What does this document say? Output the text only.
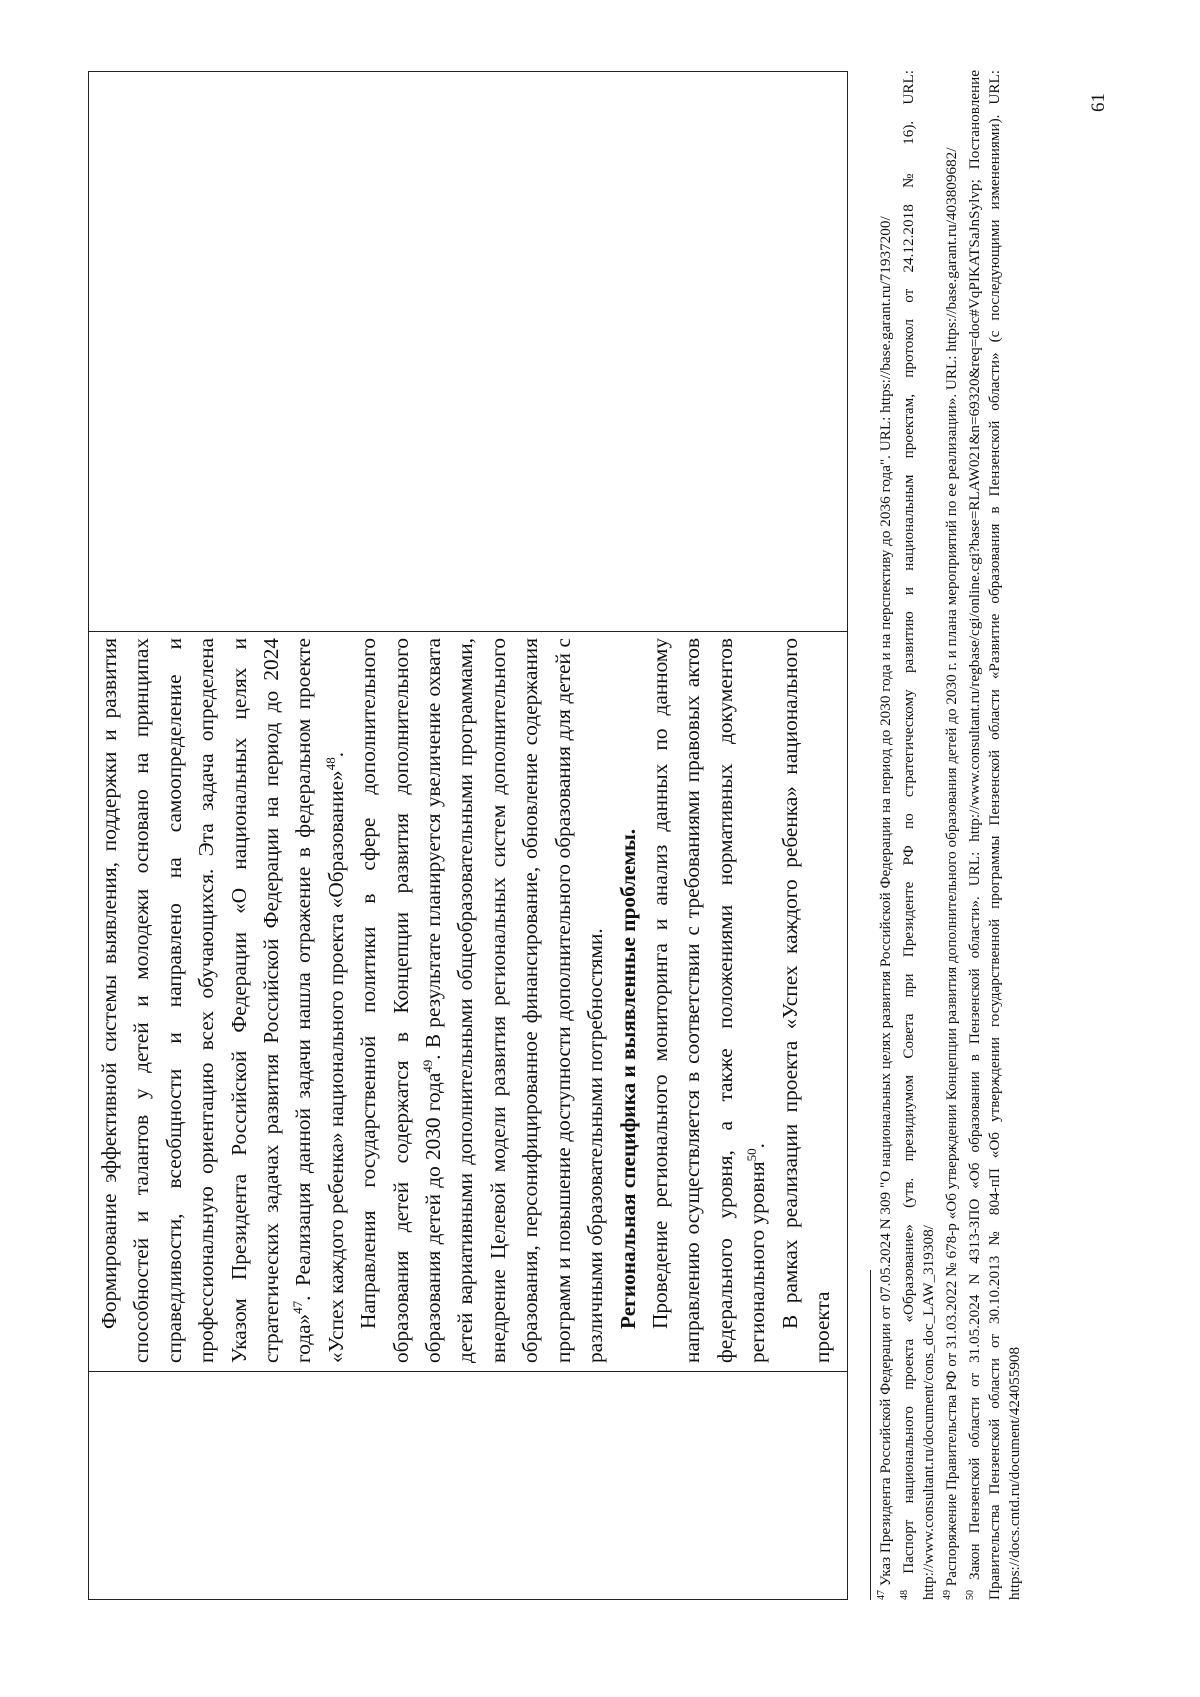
Формирование эффективной системы выявления, поддержки и развития способностей и талантов у детей и молодежи основано на принципах справедливости, всеобщности и направлено на самоопределение и профессиональную ориентацию всех обучающихся. Эта задача определена Указом Президента Российской Федерации «О национальных целях и стратегических задачах развития Российской Федерации на период до 2024 года»$^{47}$. Реализация данной задачи нашла отражение в федеральном проекте «Успех каждого ребенка» национального проекта «Образование»$^{48}$. Направления государственной политики в сфере дополнительного образования детей содержатся в Концепции развития дополнительного образования детей до 2030 года$^{49}$. В результате планируется увеличение охвата детей вариативными дополнительными общеобразовательными программами, внедрение Целевой модели развития региональных систем дополнительного образования, персонифицированное финансирование, обновление содержания программ и повышение доступности дополнительного образования для детей с различными образовательными потребностями. Региональная специфика и выявленные проблемы. Проведение регионального мониторинга и анализ данных по данному направлению осуществляется в соответствии с требованиями правовых актов федерального уровня, а также положениями нормативных документов регионального уровня$^{50}$. В рамках реализации проекта «Успех каждого ребенка» национального проекта

$^{47}$ Указ Президента Российской Федерации от 07.05.2024 N 309 "О национальных целях развития Российской Федерации на период до 2030 года и на перспективу до 2036 года". URL: https://base.garant.ru/71937200/
$^{48}$ Паспорт национального проекта «Образование» (утв. президиумом Совета при Президенте РФ по стратегическому развитию и национальным проектам, протокол от 24.12.2018 № 16). URL: http://www.consultant.ru/document/cons_doc_LAW_319308/ $^{49}$ Распоряжение Правительства РФ от 31.03.2022 № 678-р «Об утверждении Концепции развития дополнительного образования детей до 2030 г. и плана мероприятий по ее реализации». URL: https://base.garant.ru/403809682/
$^{50}$ Закон Пензенской области от 31.05.2024 N 4313-ЗПО «Об образовании в Пензенской области». URL: http://www.consultant.ru/regbase/cgi/online.cgi?base=RLAW021&n=69320&req=doc#VqPIKATSaJnSylvp; Постановление Правительства Пензенской области от 30.10.2013 № 804-пП «Об утверждении государственной программы Пензенской области «Развитие образования в Пензенской области» (с последующими изменениями). URL: https://docs.cntd.ru/document/424055908
61
